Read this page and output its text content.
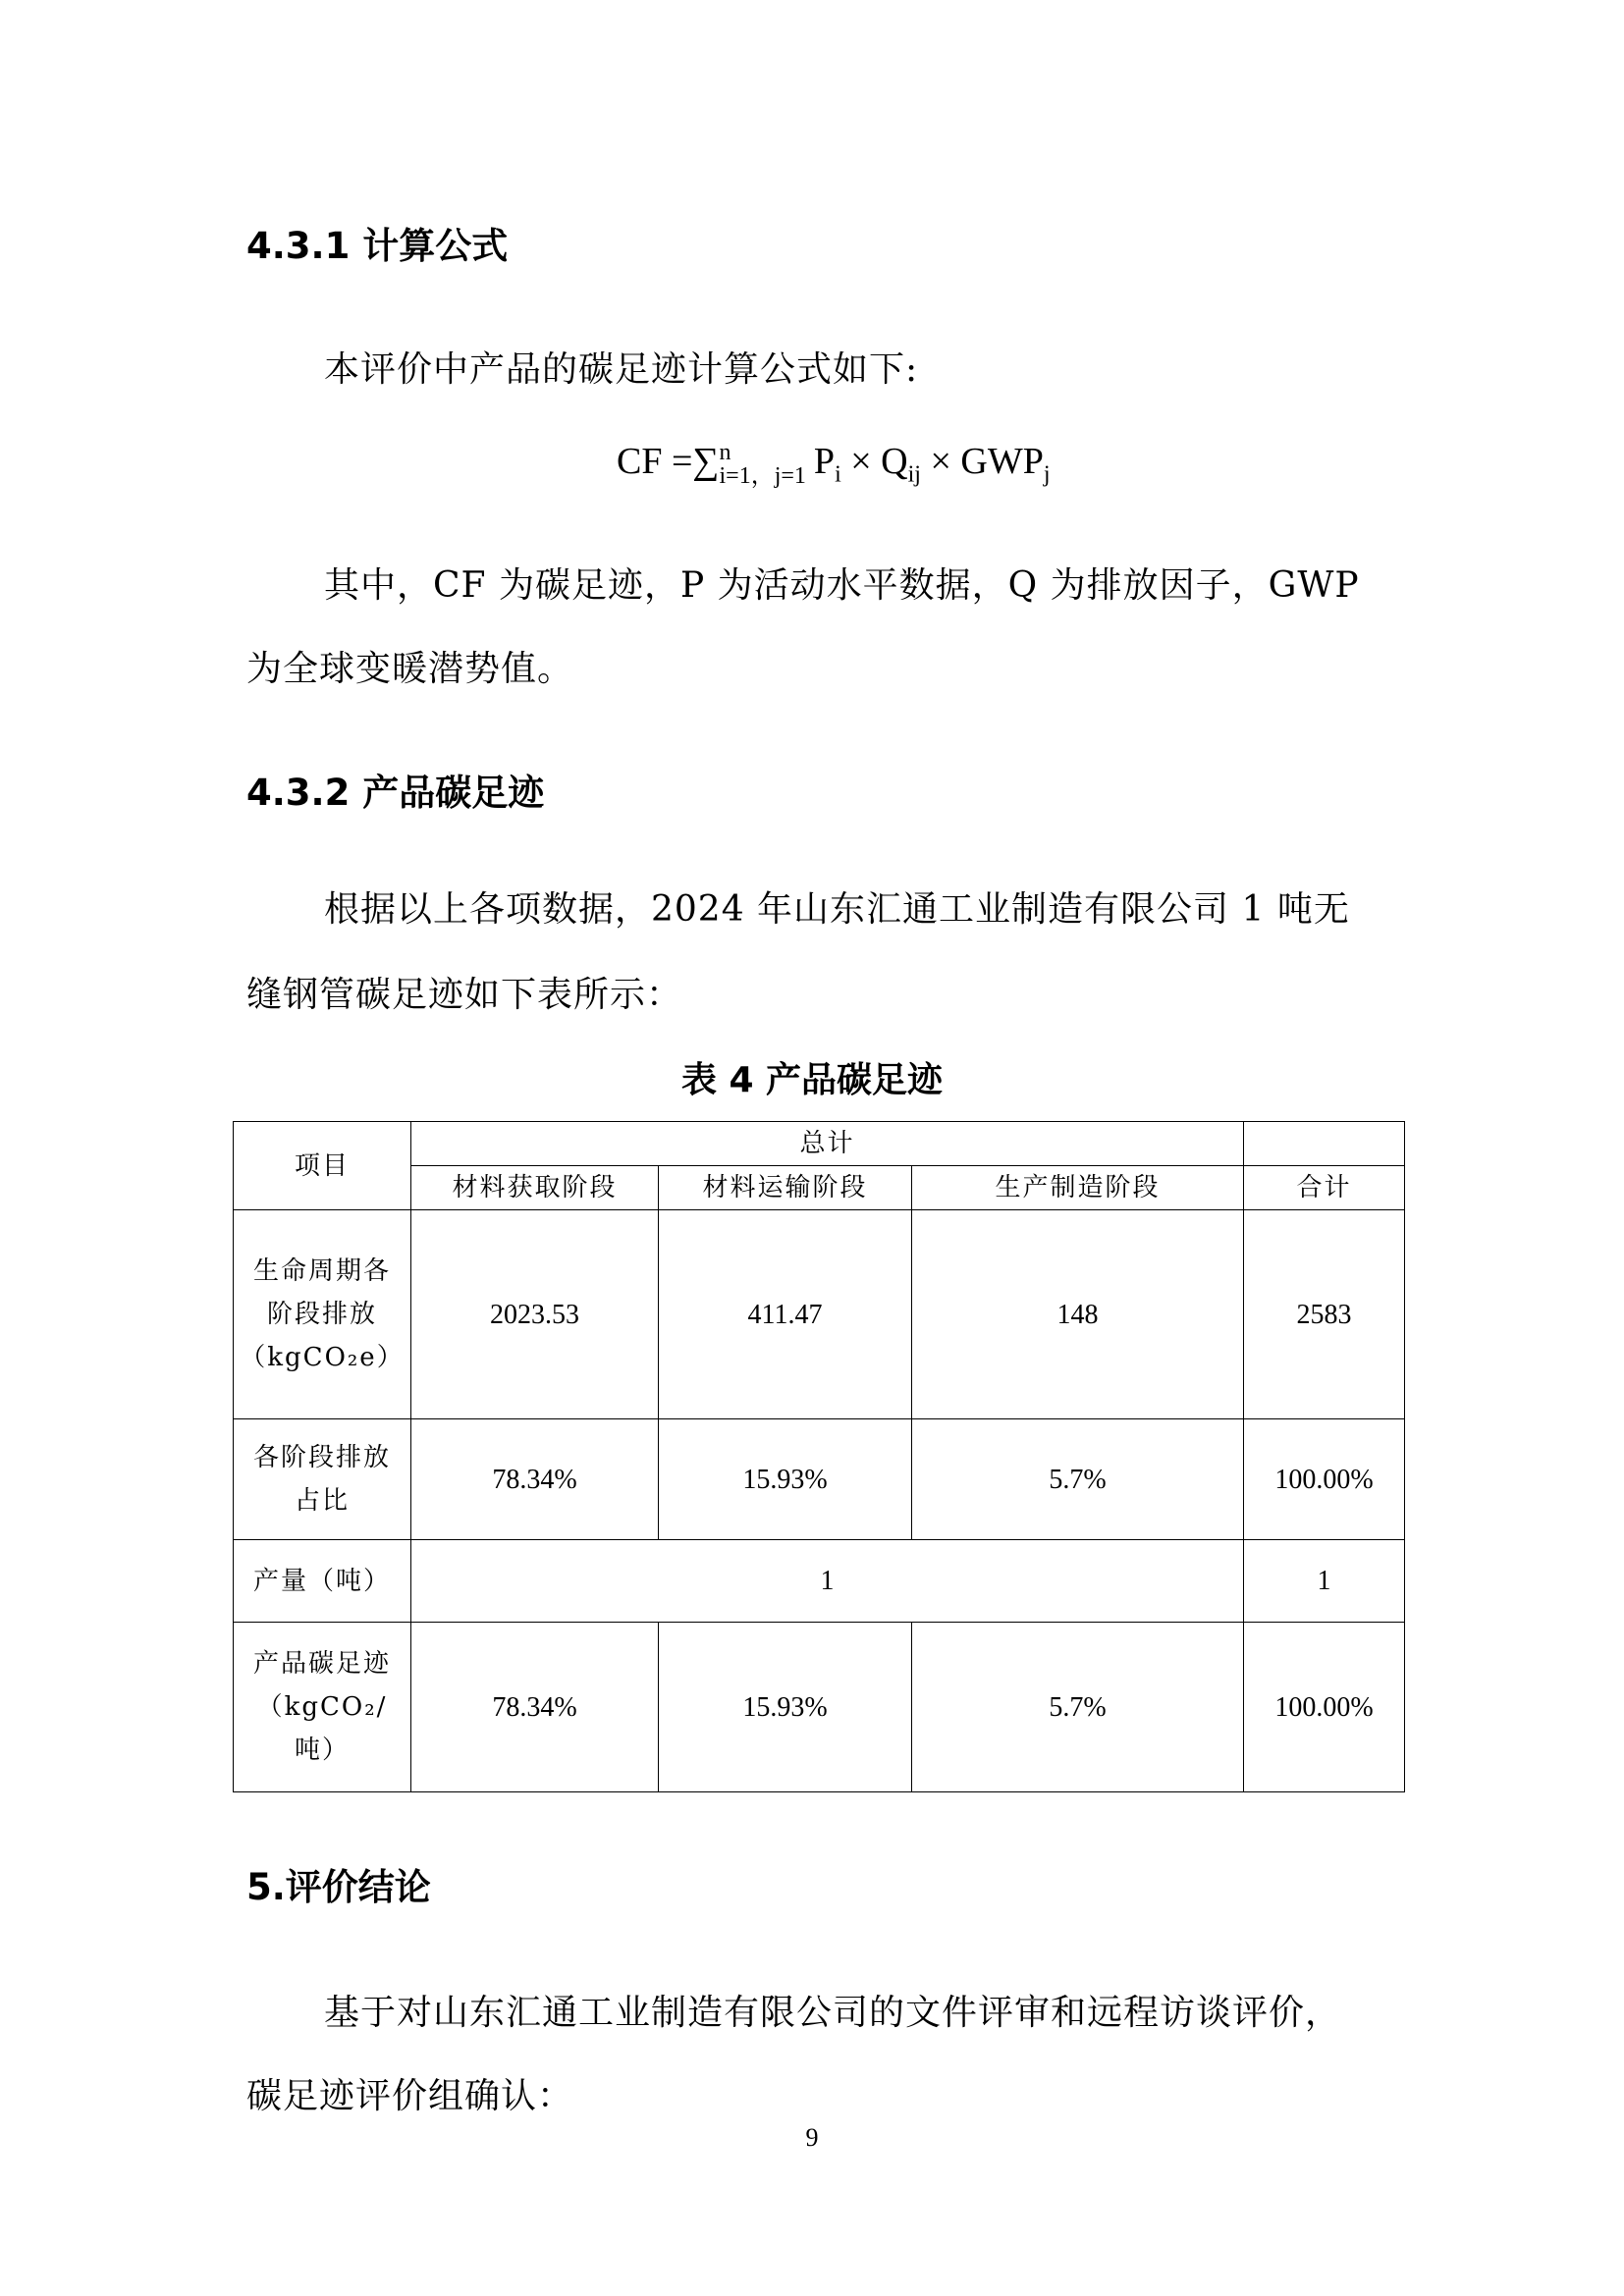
4.3.1 计算公式
本评价中产品的碳足迹计算公式如下:
CF =∑ n
i=1，j=1 $P_i \times Q_{ij} \times GWP_j$
其中，CF 为碳足迹，P 为活动水平数据，Q 为排放因子，GWP
为全球变暖潜势值。
4.3.2 产品碳足迹
根据以上各项数据，2024 年山东汇通工业制造有限公司 1 吨无
缝钢管碳足迹如下表所示：
表 4 产品碳足迹
项目	总计			
	材料获取阶段	材料运输阶段	生产制造阶段	合计

生命周期各
阶段排放
（kgCO₂e）	2023.53	411.47	148	2583

各阶段排放
占比	78.34%	15.93%	5.7%	100.00%

产量（吨）	1			1

产品碳足迹
（kgCO₂/
吨）	78.34%	15.93%	5.7%	100.00%
5.评价结论
基于对山东汇通工业制造有限公司的文件评审和远程访谈评价，
碳足迹评价组确认：
9
